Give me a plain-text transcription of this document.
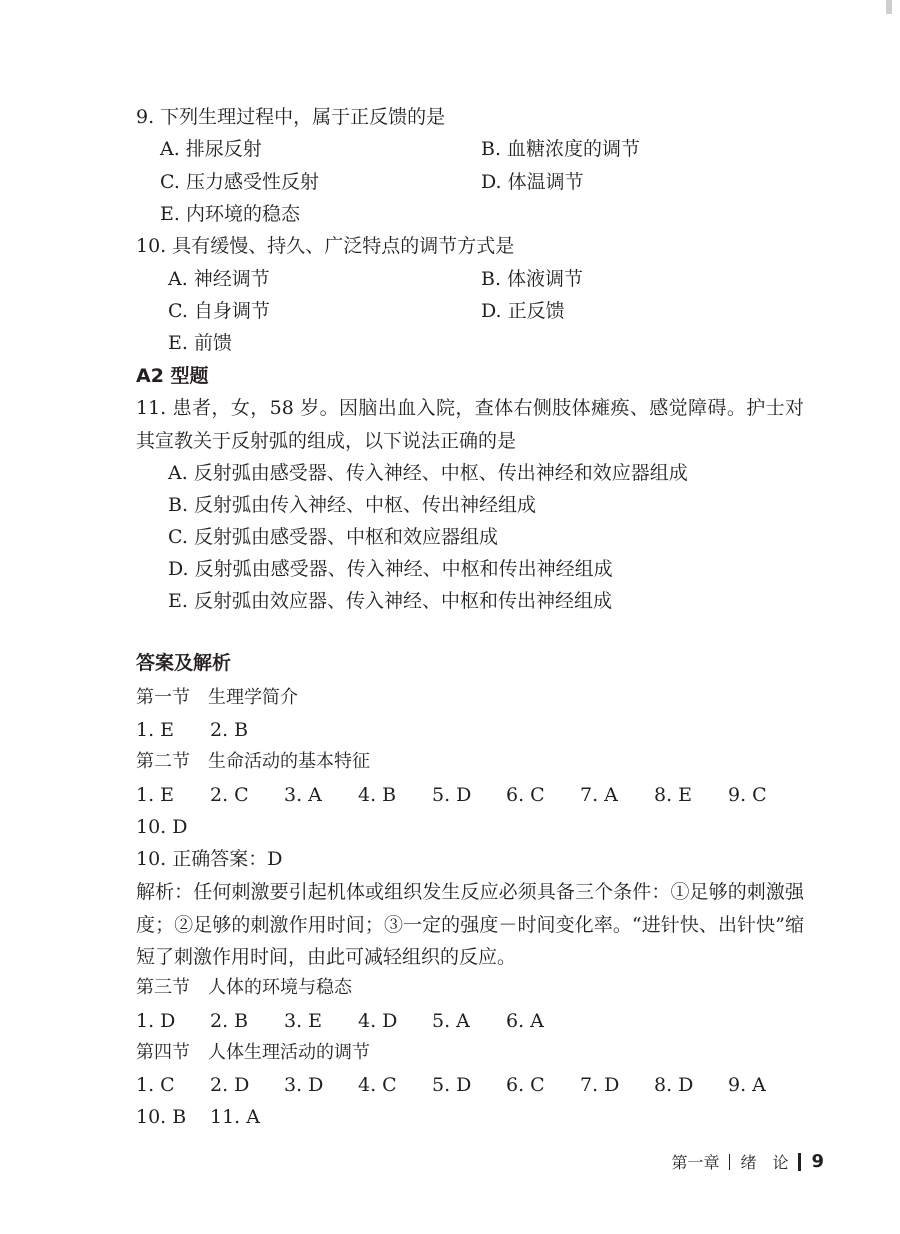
9. 下列生理过程中，属于正反馈的是
A. 排尿反射	B. 血糖浓度的调节
C. 压力感受性反射	D. 体温调节
E. 内环境的稳态
10. 具有缓慢、持久、广泛特点的调节方式是
A. 神经调节	B. 体液调节
C. 自身调节	D. 正反馈
E. 前馈
A2 型题
11. 患者，女，58 岁。因脑出血入院，查体右侧肢体瘫痪、感觉障碍。护士对其宣教关于反射弧的组成，以下说法正确的是
A. 反射弧由感受器、传入神经、中枢、传出神经和效应器组成
B. 反射弧由传入神经、中枢、传出神经组成
C. 反射弧由感受器、中枢和效应器组成
D. 反射弧由感受器、传入神经、中枢和传出神经组成
E. 反射弧由效应器、传入神经、中枢和传出神经组成
答案及解析
第一节　生理学简介
1. E	2. B
第二节　生命活动的基本特征
1. E	2. C	3. A	4. B	5. D	6. C	7. A	8. E	9. C
10. D
10. 正确答案：D
解析：任何刺激要引起机体或组织发生反应必须具备三个条件：①足够的刺激强度；②足够的刺激作用时间；③一定的强度－时间变化率。“进针快、出针快”缩短了刺激作用时间，由此可减轻组织的反应。
第三节　人体的环境与稳态
1. D	2. B	3. E	4. D	5. A	6. A
第四节　人体生理活动的调节
1. C	2. D	3. D	4. C	5. D	6. C	7. D	8. D	9. A
10. B	11. A
第一章 绪　论 9
